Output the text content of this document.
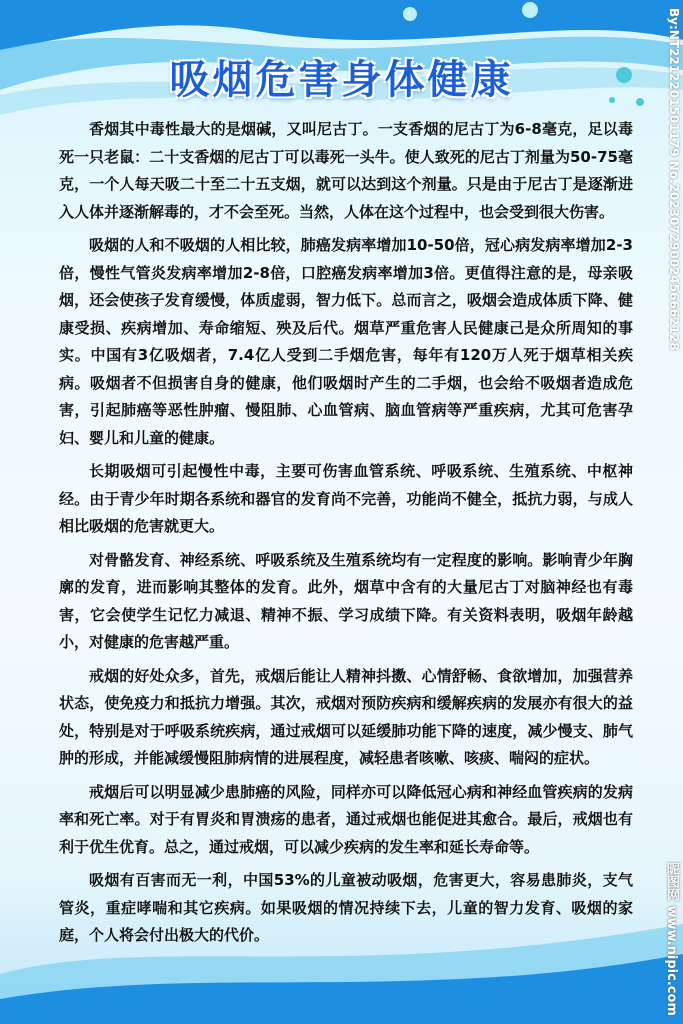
吸烟危害身体健康

香烟其中毒性最大的是烟碱，又叫尼古丁。一支香烟的尼古丁为6-8毫克，足以毒死一只老鼠：二十支香烟的尼古丁可以毒死一头牛。使人致死的尼古丁剂量为50-75毫克，一个人每天吸二十至二十五支烟，就可以达到这个剂量。只是由于尼古丁是逐渐进入人体并逐渐解毒的，才不会至死。当然，人体在这个过程中，也会受到很大伤害。

吸烟的人和不吸烟的人相比较，肺癌发病率增加10-50倍，冠心病发病率增加2-3倍，慢性气管炎发病率增加2-8倍，口腔癌发病率增加3倍。更值得注意的是，母亲吸烟，还会使孩子发育缓慢，体质虚弱，智力低下。总而言之，吸烟会造成体质下降、健康受损、疾病增加、寿命缩短、殃及后代。烟草严重危害人民健康己是众所周知的事实。中国有3亿吸烟者，7.4亿人受到二手烟危害，每年有120万人死于烟草相关疾病。吸烟者不但损害自身的健康，他们吸烟时产生的二手烟，也会给不吸烟者造成危害，引起肺癌等恶性肿瘤、慢阻肺、心血管病、脑血管病等严重疾病，尤其可危害孕妇、婴儿和儿童的健康。

长期吸烟可引起慢性中毒，主要可伤害血管系统、呼吸系统、生殖系统、中枢神经。由于青少年时期各系统和器官的发育尚不完善，功能尚不健全，抵抗力弱，与成人相比吸烟的危害就更大。

对骨骼发育、神经系统、呼吸系统及生殖系统均有一定程度的影响。影响青少年胸廓的发育，进而影响其整体的发育。此外，烟草中含有的大量尼古丁对脑神经也有毒害，它会使学生记忆力减退、精神不振、学习成绩下降。有关资料表明，吸烟年龄越小，对健康的危害越严重。

戒烟的好处众多，首先，戒烟后能让人精神抖擞、心情舒畅、食欲增加，加强营养状态，使免疫力和抵抗力增强。其次，戒烟对预防疾病和缓解疾病的发展亦有很大的益处，特别是对于呼吸系统疾病，通过戒烟可以延缓肺功能下降的速度，减少慢支、肺气肿的形成，并能减缓慢阻肺病情的进展程度，减轻患者咳嗽、咳痰、喘闷的症状。

戒烟后可以明显减少患肺癌的风险，同样亦可以降低冠心病和神经血管疾病的发病率和死亡率。对于有胃炎和胃溃疡的患者，通过戒烟也能促进其愈合。最后，戒烟也有利于优生优育。总之，通过戒烟，可以减少疾病的发生率和延长寿命等。

吸烟有百害而无一利，中国53%的儿童被动吸烟，危害更大，容易患肺炎，支气管炎，重症哮喘和其它疾病。如果吸烟的情况持续下去，儿童的智力发育、吸烟的家庭，个人将会付出极大的代价。

By:NT2212201501179 No.20230729002456662128
昵图网 www.nipic.com
